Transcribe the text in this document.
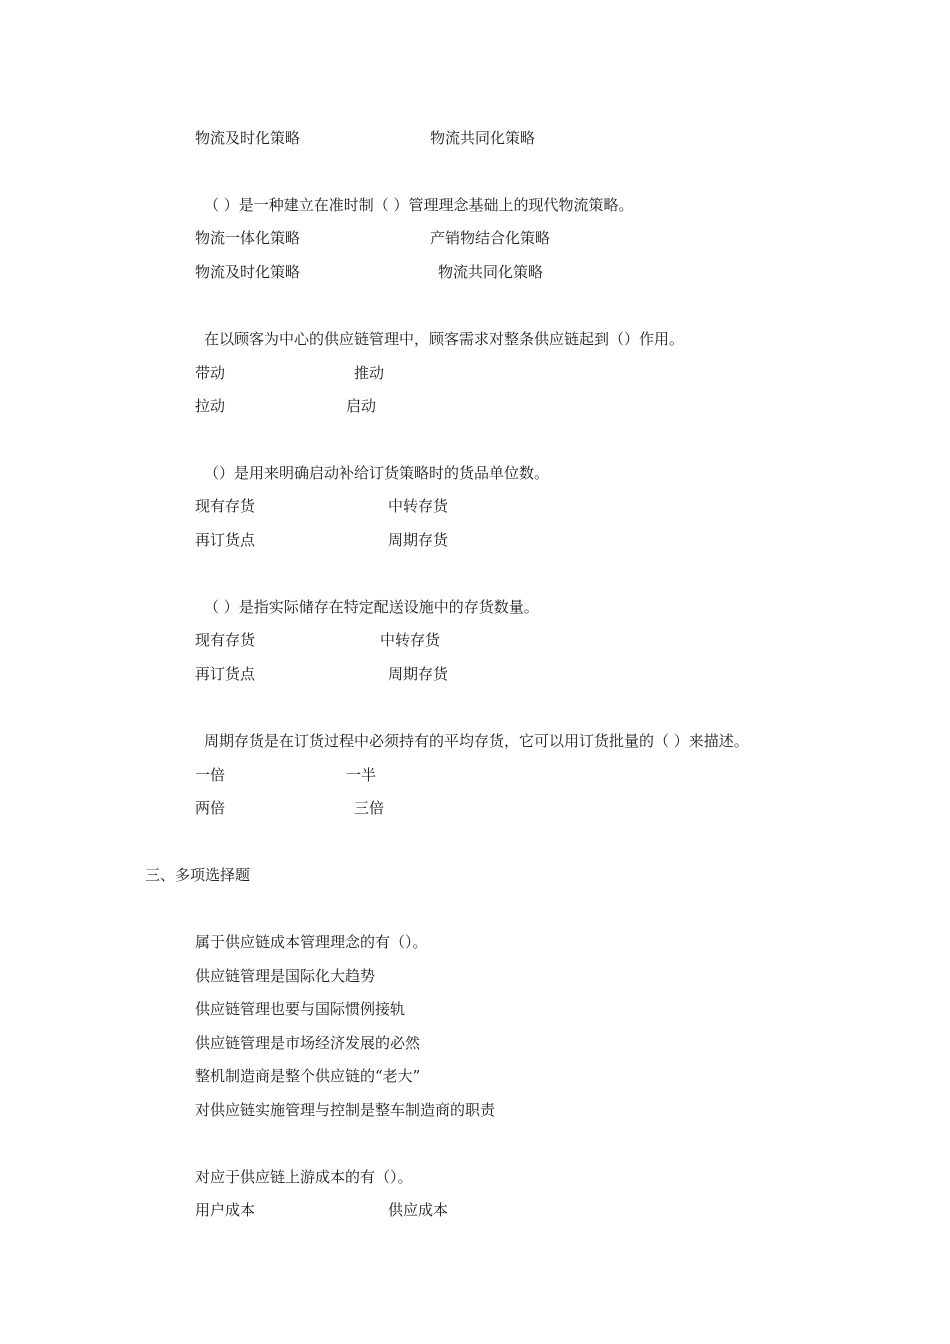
物流及时化策略	物流共同化策略
（ ）是一种建立在准时制（ ）管理理念基础上的现代物流策略。
物流一体化策略	产销物结合化策略
物流及时化策略	物流共同化策略
在以顾客为中心的供应链管理中，顾客需求对整条供应链起到（）作用。
带动	推动
拉动	启动
（）是用来明确启动补给订货策略时的货品单位数。
现有存货	中转存货
再订货点	周期存货
（ ）是指实际储存在特定配送设施中的存货数量。
现有存货	中转存货
再订货点	周期存货
周期存货是在订货过程中必须持有的平均存货，它可以用订货批量的（ ）来描述。
一倍	一半
两倍	三倍
三、多项选择题
属于供应链成本管理理念的有（）。
供应链管理是国际化大趋势
供应链管理也要与国际惯例接轨
供应链管理是市场经济发展的必然
整机制造商是整个供应链的“老大”
对供应链实施管理与控制是整车制造商的职责
对应于供应链上游成本的有（）。
用户成本	供应成本
